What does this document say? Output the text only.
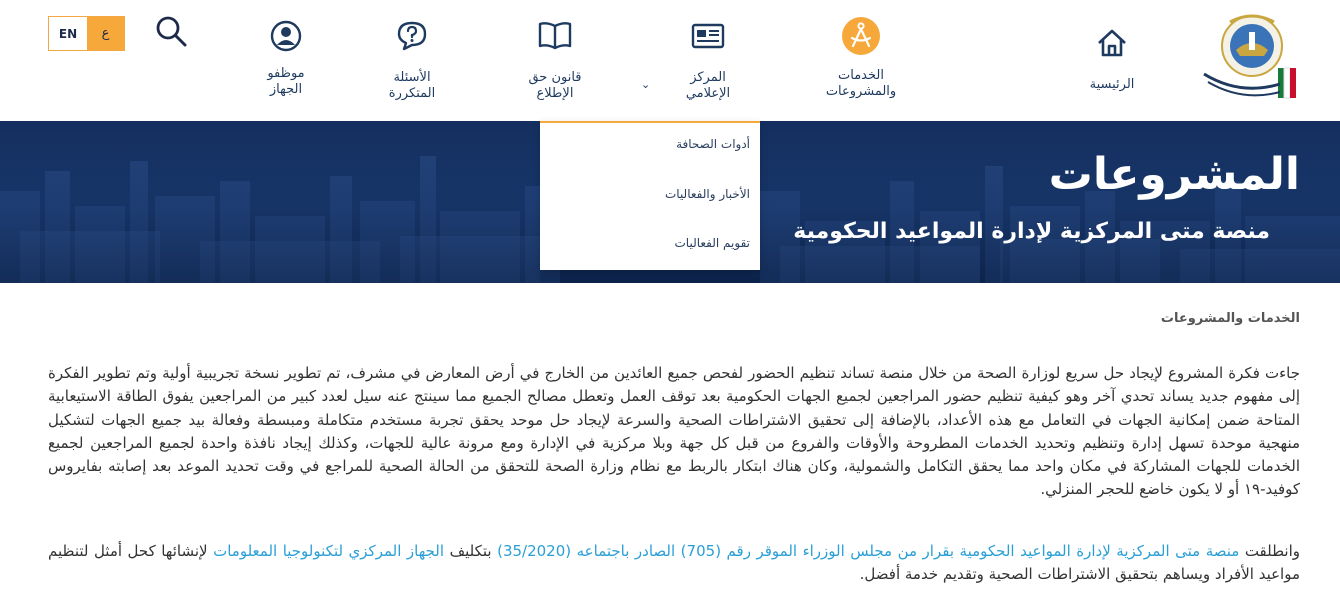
الرئيسية
الخدمات
والمشروعات
المركز
الإعلامي
⌄
قانون حق
الإطلاع
الأسئلة
المتكررة
موظفو
الجهاز
EN	ع
المشروعات
منصة متى المركزية لإدارة المواعيد الحكومية
أدوات الصحافة
الأخبار والفعاليات
تقويم الفعاليات
الخدمات والمشروعات
جاءت فكرة المشروع لإيجاد حل سريع لوزارة الصحة من خلال منصة تساند تنظيم الحضور لفحص جميع العائدين من الخارج في أرض المعارض في مشرف، تم تطوير نسخة تجريبية أولية وتم تطوير الفكرة إلى مفهوم جديد يساند تحدي آخر وهو كيفية تنظيم حضور المراجعين لجميع الجهات الحكومية بعد توقف العمل وتعطل مصالح الجميع مما سينتج عنه سيل لعدد كبير من المراجعين يفوق الطاقة الاستيعابية المتاحة ضمن إمكانية الجهات في التعامل مع هذه الأعداد، بالإضافة إلى تحقيق الاشتراطات الصحية والسرعة لإيجاد حل موحد يحقق تجربة مستخدم متكاملة ومبسطة وفعالة بيد جميع الجهات لتشكيل منهجية موحدة تسهل إدارة وتنظيم وتحديد الخدمات المطروحة والأوقات والفروع من قبل كل جهة وبلا مركزية في الإدارة ومع مرونة عالية للجهات، وكذلك إيجاد نافذة واحدة لجميع المراجعين لجميع الخدمات للجهات المشاركة في مكان واحد مما يحقق التكامل والشمولية، وكان هناك ابتكار بالربط مع نظام وزارة الصحة للتحقق من الحالة الصحية للمراجع في وقت تحديد الموعد بعد إصابته بفايروس كوفيد-١٩ أو لا يكون خاضع للحجر المنزلي.
وانطلقت منصة متى المركزية لإدارة المواعيد الحكومية بقرار من مجلس الوزراء الموقر رقم (705) الصادر باجتماعه (35/2020) بتكليف الجهاز المركزي لتكنولوجيا المعلومات لإنشائها كحل أمثل لتنظيم مواعيد الأفراد ويساهم بتحقيق الاشتراطات الصحية وتقديم خدمة أفضل.
